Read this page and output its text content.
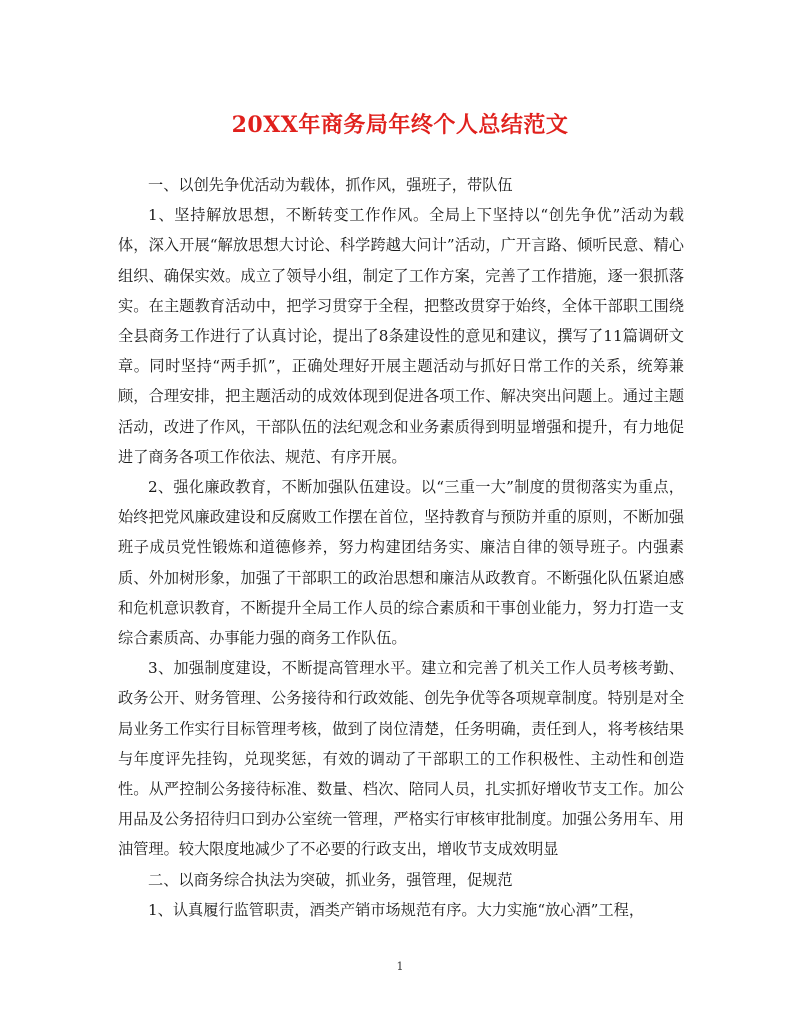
20XX年商务局年终个人总结范文

一、以创先争优活动为载体，抓作风，强班子，带队伍

1、坚持解放思想，不断转变工作作风。全局上下坚持以“创先争优”活动为载体，深入开展“解放思想大讨论、科学跨越大问计”活动，广开言路、倾听民意、精心组织、确保实效。成立了领导小组，制定了工作方案，完善了工作措施，逐一狠抓落实。在主题教育活动中，把学习贯穿于全程，把整改贯穿于始终，全体干部职工围绕全县商务工作进行了认真讨论，提出了8条建设性的意见和建议，撰写了11篇调研文章。同时坚持“两手抓”，正确处理好开展主题活动与抓好日常工作的关系，统筹兼顾，合理安排，把主题活动的成效体现到促进各项工作、解决突出问题上。通过主题活动，改进了作风，干部队伍的法纪观念和业务素质得到明显增强和提升，有力地促进了商务各项工作依法、规范、有序开展。

2、强化廉政教育，不断加强队伍建设。以“三重一大”制度的贯彻落实为重点，始终把党风廉政建设和反腐败工作摆在首位，坚持教育与预防并重的原则，不断加强班子成员党性锻炼和道德修养，努力构建团结务实、廉洁自律的领导班子。内强素质、外加树形象，加强了干部职工的政治思想和廉洁从政教育。不断强化队伍紧迫感和危机意识教育，不断提升全局工作人员的综合素质和干事创业能力，努力打造一支综合素质高、办事能力强的商务工作队伍。

3、加强制度建设，不断提高管理水平。建立和完善了机关工作人员考核考勤、政务公开、财务管理、公务接待和行政效能、创先争优等各项规章制度。特别是对全局业务工作实行目标管理考核，做到了岗位清楚，任务明确，责任到人，将考核结果与年度评先挂钩，兑现奖惩，有效的调动了干部职工的工作积极性、主动性和创造性。从严控制公务接待标准、数量、档次、陪同人员，扎实抓好增收节支工作。加公用品及公务招待归口到办公室统一管理，严格实行审核审批制度。加强公务用车、用油管理。较大限度地减少了不必要的行政支出，增收节支成效明显

二、以商务综合执法为突破，抓业务，强管理，促规范

1、认真履行监管职责，酒类产销市场规范有序。大力实施“放心酒”工程，

1
